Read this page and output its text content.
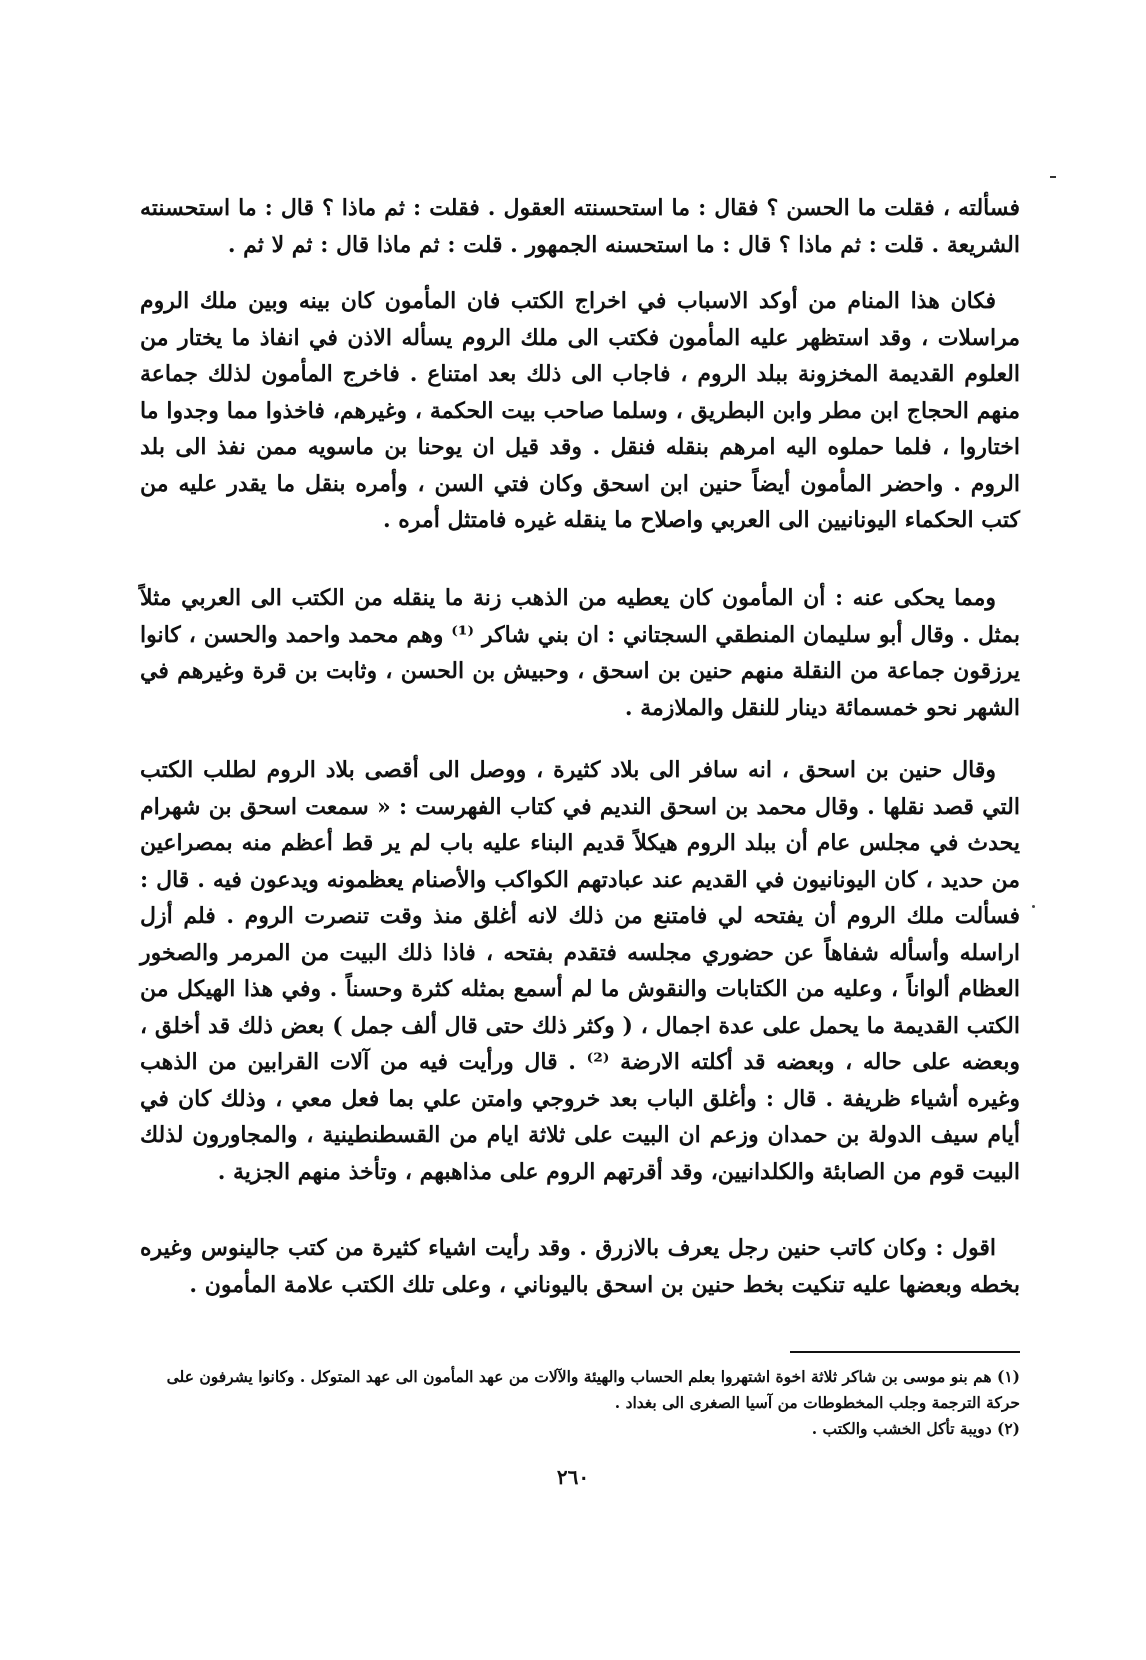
فسألته ، فقلت ما الحسن ؟ فقال : ما استحسنته العقول . فقلت : ثم ماذا ؟ قال : ما استحسنته الشريعة . قلت : ثم ماذا ؟ قال : ما استحسنه الجمهور . قلت : ثم ماذا قال : ثم لا ثم .

فكان هذا المنام من أوكد الاسباب في اخراج الكتب فان المأمون كان بينه وبين ملك الروم مراسلات ، وقد استظهر عليه المأمون فكتب الى ملك الروم يسأله الاذن في انفاذ ما يختار من العلوم القديمة المخزونة ببلد الروم ، فاجاب الى ذلك بعد امتناع . فاخرج المأمون لذلك جماعة منهم الحجاج ابن مطر وابن البطريق ، وسلما صاحب بيت الحكمة ، وغيرهم، فاخذوا مما وجدوا ما اختاروا ، فلما حملوه اليه امرهم بنقله فنقل . وقد قيل ان يوحنا بن ماسويه ممن نفذ الى بلد الروم . واحضر المأمون أيضاً حنين ابن اسحق وكان فتي السن ، وأمره بنقل ما يقدر عليه من كتب الحكماء اليونانيين الى العربي واصلاح ما ينقله غيره فامتثل أمره .

ومما يحكى عنه : أن المأمون كان يعطيه من الذهب زنة ما ينقله من الكتب الى العربي مثلاً بمثل . وقال أبو سليمان المنطقي السجتاني : ان بني شاكر ⁽¹⁾ وهم محمد واحمد والحسن ، كانوا يرزقون جماعة من النقلة منهم حنين بن اسحق ، وحبيش بن الحسن ، وثابت بن قرة وغيرهم في الشهر نحو خمسمائة دينار للنقل والملازمة .

وقال حنين بن اسحق ، انه سافر الى بلاد كثيرة ، ووصل الى أقصى بلاد الروم لطلب الكتب التي قصد نقلها . وقال محمد بن اسحق النديم في كتاب الفهرست : « سمعت اسحق بن شهرام يحدث في مجلس عام أن ببلد الروم هيكلاً قديم البناء عليه باب لم ير قط أعظم منه بمصراعين من حديد ، كان اليونانيون في القديم عند عبادتهم الكواكب والأصنام يعظمونه ويدعون فيه . قال : فسألت ملك الروم أن يفتحه لي فامتنع من ذلك لانه أغلق منذ وقت تنصرت الروم . فلم أزل اراسله وأسأله شفاهاً عن حضوري مجلسه فتقدم بفتحه ، فاذا ذلك البيت من المرمر والصخور العظام ألواناً ، وعليه من الكتابات والنقوش ما لم أسمع بمثله كثرة وحسناً . وفي هذا الهيكل من الكتب القديمة ما يحمل على عدة اجمال ، ( وكثر ذلك حتى قال ألف جمل ) بعض ذلك قد أخلق ، وبعضه على حاله ، وبعضه قد أكلته الارضة ⁽²⁾ . قال ورأيت فيه من آلات القرابين من الذهب وغيره أشياء ظريفة . قال : وأغلق الباب بعد خروجي وامتن علي بما فعل معي ، وذلك كان في أيام سيف الدولة بن حمدان وزعم ان البيت على ثلاثة ايام من القسطنطينية ، والمجاورون لذلك البيت قوم من الصابئة والكلدانيين، وقد أقرتهم الروم على مذاهبهم ، وتأخذ منهم الجزية .

اقول : وكان كاتب حنين رجل يعرف بالازرق . وقد رأيت اشياء كثيرة من كتب جالينوس وغيره بخطه وبعضها عليه تنكيت بخط حنين بن اسحق باليوناني ، وعلى تلك الكتب علامة المأمون .

(١) هم بنو موسى بن شاكر ثلاثة اخوة اشتهروا بعلم الحساب والهيئة والآلات من عهد المأمون الى عهد المتوكل . وكانوا يشرفون على حركة الترجمة وجلب المخطوطات من آسيا الصغرى الى بغداد .

(٢) دويبة تأكل الخشب والكتب .

٢٦٠
